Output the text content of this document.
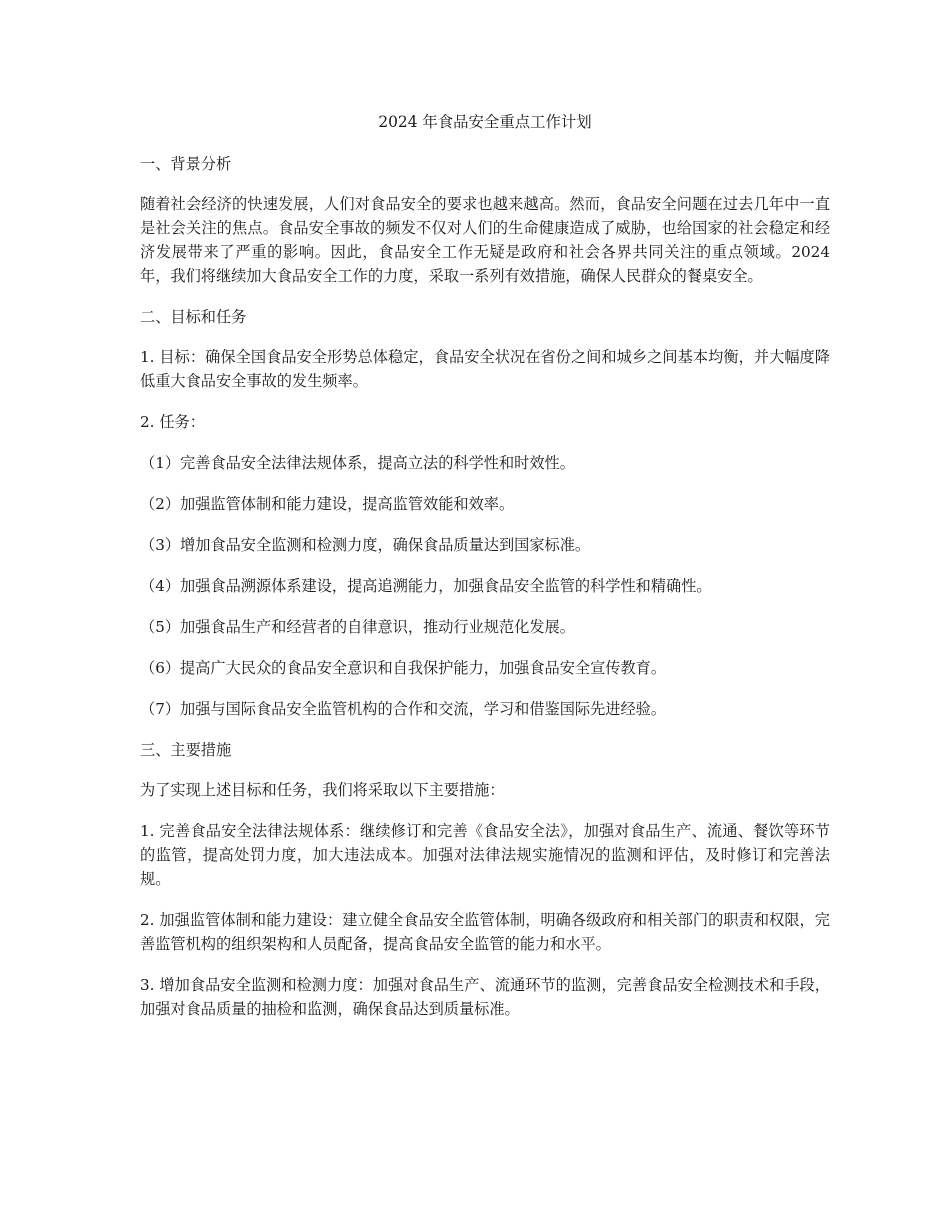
2024 年食品安全重点工作计划
一、背景分析
随着社会经济的快速发展，人们对食品安全的要求也越来越高。然而，食品安全问题在过去几年中一直是社会关注的焦点。食品安全事故的频发不仅对人们的生命健康造成了威胁，也给国家的社会稳定和经济发展带来了严重的影响。因此，食品安全工作无疑是政府和社会各界共同关注的重点领域。2024 年，我们将继续加大食品安全工作的力度，采取一系列有效措施，确保人民群众的餐桌安全。
二、目标和任务
1. 目标：确保全国食品安全形势总体稳定，食品安全状况在省份之间和城乡之间基本均衡，并大幅度降低重大食品安全事故的发生频率。
2. 任务：
（1）完善食品安全法律法规体系，提高立法的科学性和时效性。
（2）加强监管体制和能力建设，提高监管效能和效率。
（3）增加食品安全监测和检测力度，确保食品质量达到国家标准。
（4）加强食品溯源体系建设，提高追溯能力，加强食品安全监管的科学性和精确性。
（5）加强食品生产和经营者的自律意识，推动行业规范化发展。
（6）提高广大民众的食品安全意识和自我保护能力，加强食品安全宣传教育。
（7）加强与国际食品安全监管机构的合作和交流，学习和借鉴国际先进经验。
三、主要措施
为了实现上述目标和任务，我们将采取以下主要措施：
1. 完善食品安全法律法规体系：继续修订和完善《食品安全法》，加强对食品生产、流通、餐饮等环节的监管，提高处罚力度，加大违法成本。加强对法律法规实施情况的监测和评估，及时修订和完善法规。
2. 加强监管体制和能力建设：建立健全食品安全监管体制，明确各级政府和相关部门的职责和权限，完善监管机构的组织架构和人员配备，提高食品安全监管的能力和水平。
3. 增加食品安全监测和检测力度：加强对食品生产、流通环节的监测，完善食品安全检测技术和手段，加强对食品质量的抽检和监测，确保食品达到质量标准。
